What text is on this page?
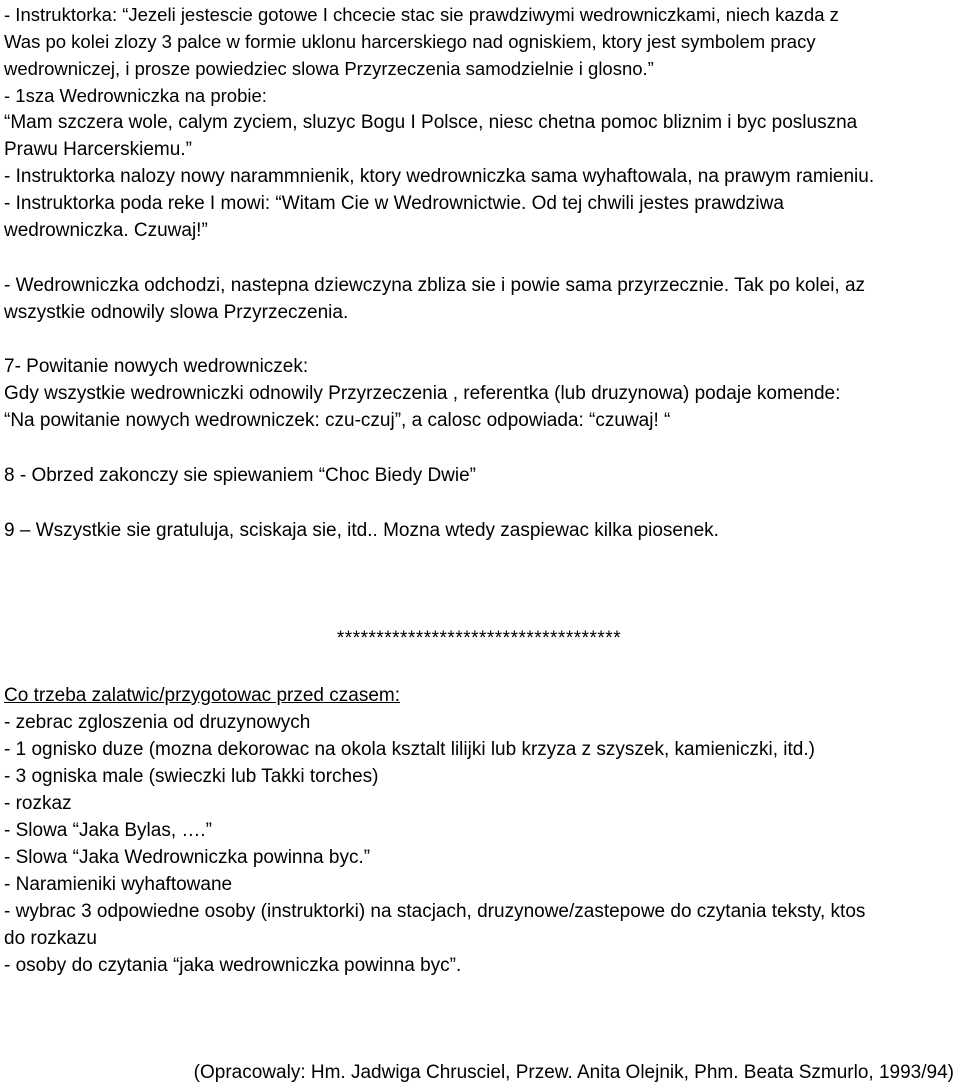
- Instruktorka: “Jezeli jestescie gotowe I chcecie stac sie prawdziwymi wedrowniczkami, niech kazda z
Was po kolei zlozy 3 palce w formie uklonu harcerskiego nad ogniskiem, ktory jest symbolem pracy
wedrowniczej, i prosze powiedziec slowa Przyrzeczenia samodzielnie i glosno.”
- 1sza Wedrowniczka na probie:
“Mam szczera wole, calym zyciem, sluzyc Bogu I Polsce, niesc chetna pomoc bliznim i byc posluszna
Prawu Harcerskiemu.”
- Instruktorka nalozy nowy narammnienik, ktory wedrowniczka sama wyhaftowala, na prawym ramieniu.
- Instruktorka poda reke I mowi: “Witam Cie w Wedrownictwie. Od tej chwili jestes prawdziwa
wedrowniczka. Czuwaj!”
- Wedrowniczka odchodzi, nastepna dziewczyna zbliza sie i powie sama przyrzecznie. Tak po kolei, az
wszystkie odnowily slowa Przyrzeczenia.
7- Powitanie nowych wedrowniczek:
Gdy wszystkie wedrowniczki odnowily Przyrzeczenia , referentka (lub druzynowa) podaje komende:
“Na powitanie nowych wedrowniczek: czu-czuj”, a calosc odpowiada: “czuwaj! “
8 - Obrzed zakonczy sie spiewaniem “Choc Biedy Dwie”
9 – Wszystkie sie gratuluja, sciskaja sie, itd.. Mozna wtedy zaspiewac kilka piosenek.
************************************
Co trzeba zalatwic/przygotowac przed czasem:
- zebrac zgloszenia od druzynowych
- 1 ognisko duze (mozna dekorowac na okola ksztalt lilijki lub krzyza z szyszek, kamieniczki, itd.)
- 3 ogniska male (swieczki lub Takki torches)
- rozkaz
- Slowa “Jaka Bylas, ….”
- Slowa “Jaka Wedrowniczka powinna byc.”
- Naramieniki wyhaftowane
- wybrac 3 odpowiedne osoby (instruktorki) na stacjach, druzynowe/zastepowe do czytania teksty, ktos
do rozkazu
- osoby do czytania “jaka wedrowniczka powinna byc”.
(Opracowaly: Hm. Jadwiga Chrusciel, Przew. Anita Olejnik, Phm. Beata Szmurlo, 1993/94)
